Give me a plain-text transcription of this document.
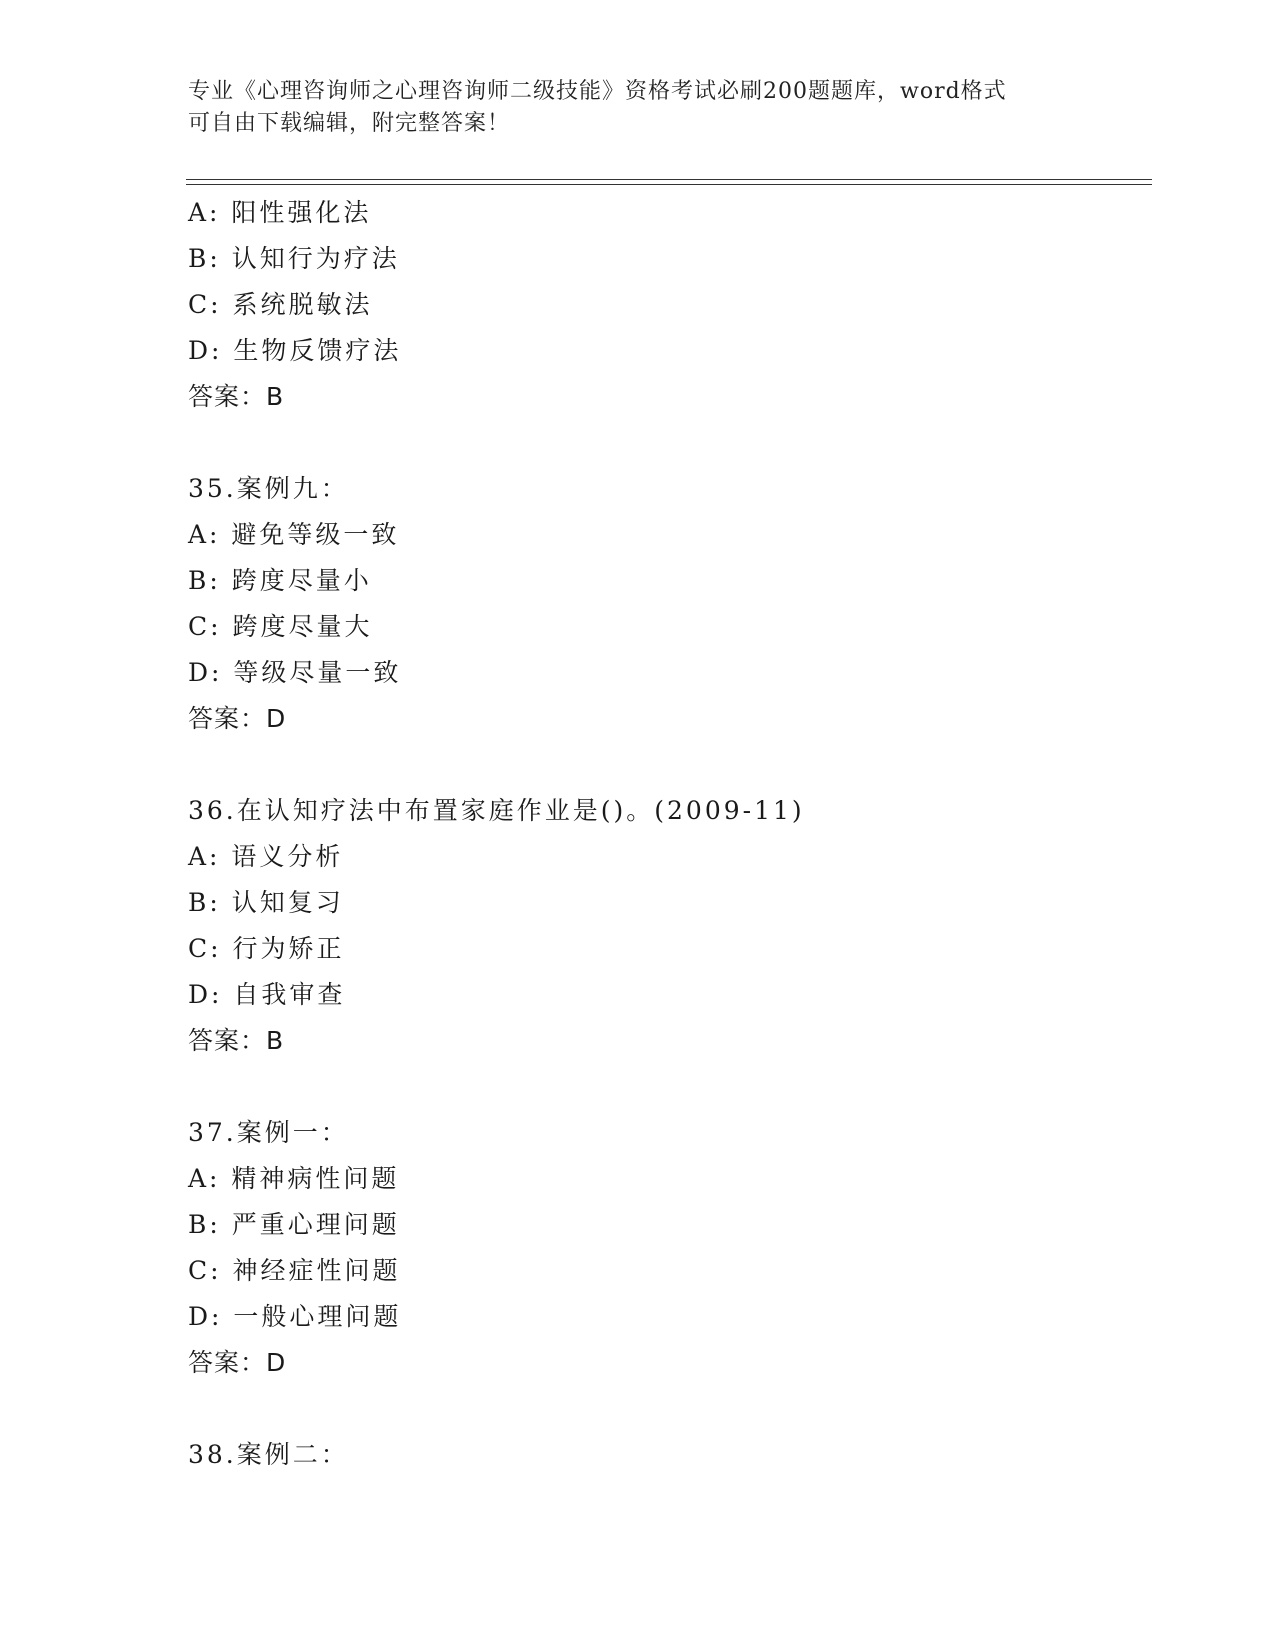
专业《心理咨询师之心理咨询师二级技能》资格考试必刷200题题库，word格式
可自由下载编辑，附完整答案！
A: 阳性强化法
B: 认知行为疗法
C: 系统脱敏法
D: 生物反馈疗法
答案：B
35.案例九：
A: 避免等级一致
B: 跨度尽量小
C: 跨度尽量大
D: 等级尽量一致
答案：D
36.在认知疗法中布置家庭作业是()。(2009-11)
A: 语义分析
B: 认知复习
C: 行为矫正
D: 自我审查
答案：B
37.案例一：
A: 精神病性问题
B: 严重心理问题
C: 神经症性问题
D: 一般心理问题
答案：D
38.案例二：
